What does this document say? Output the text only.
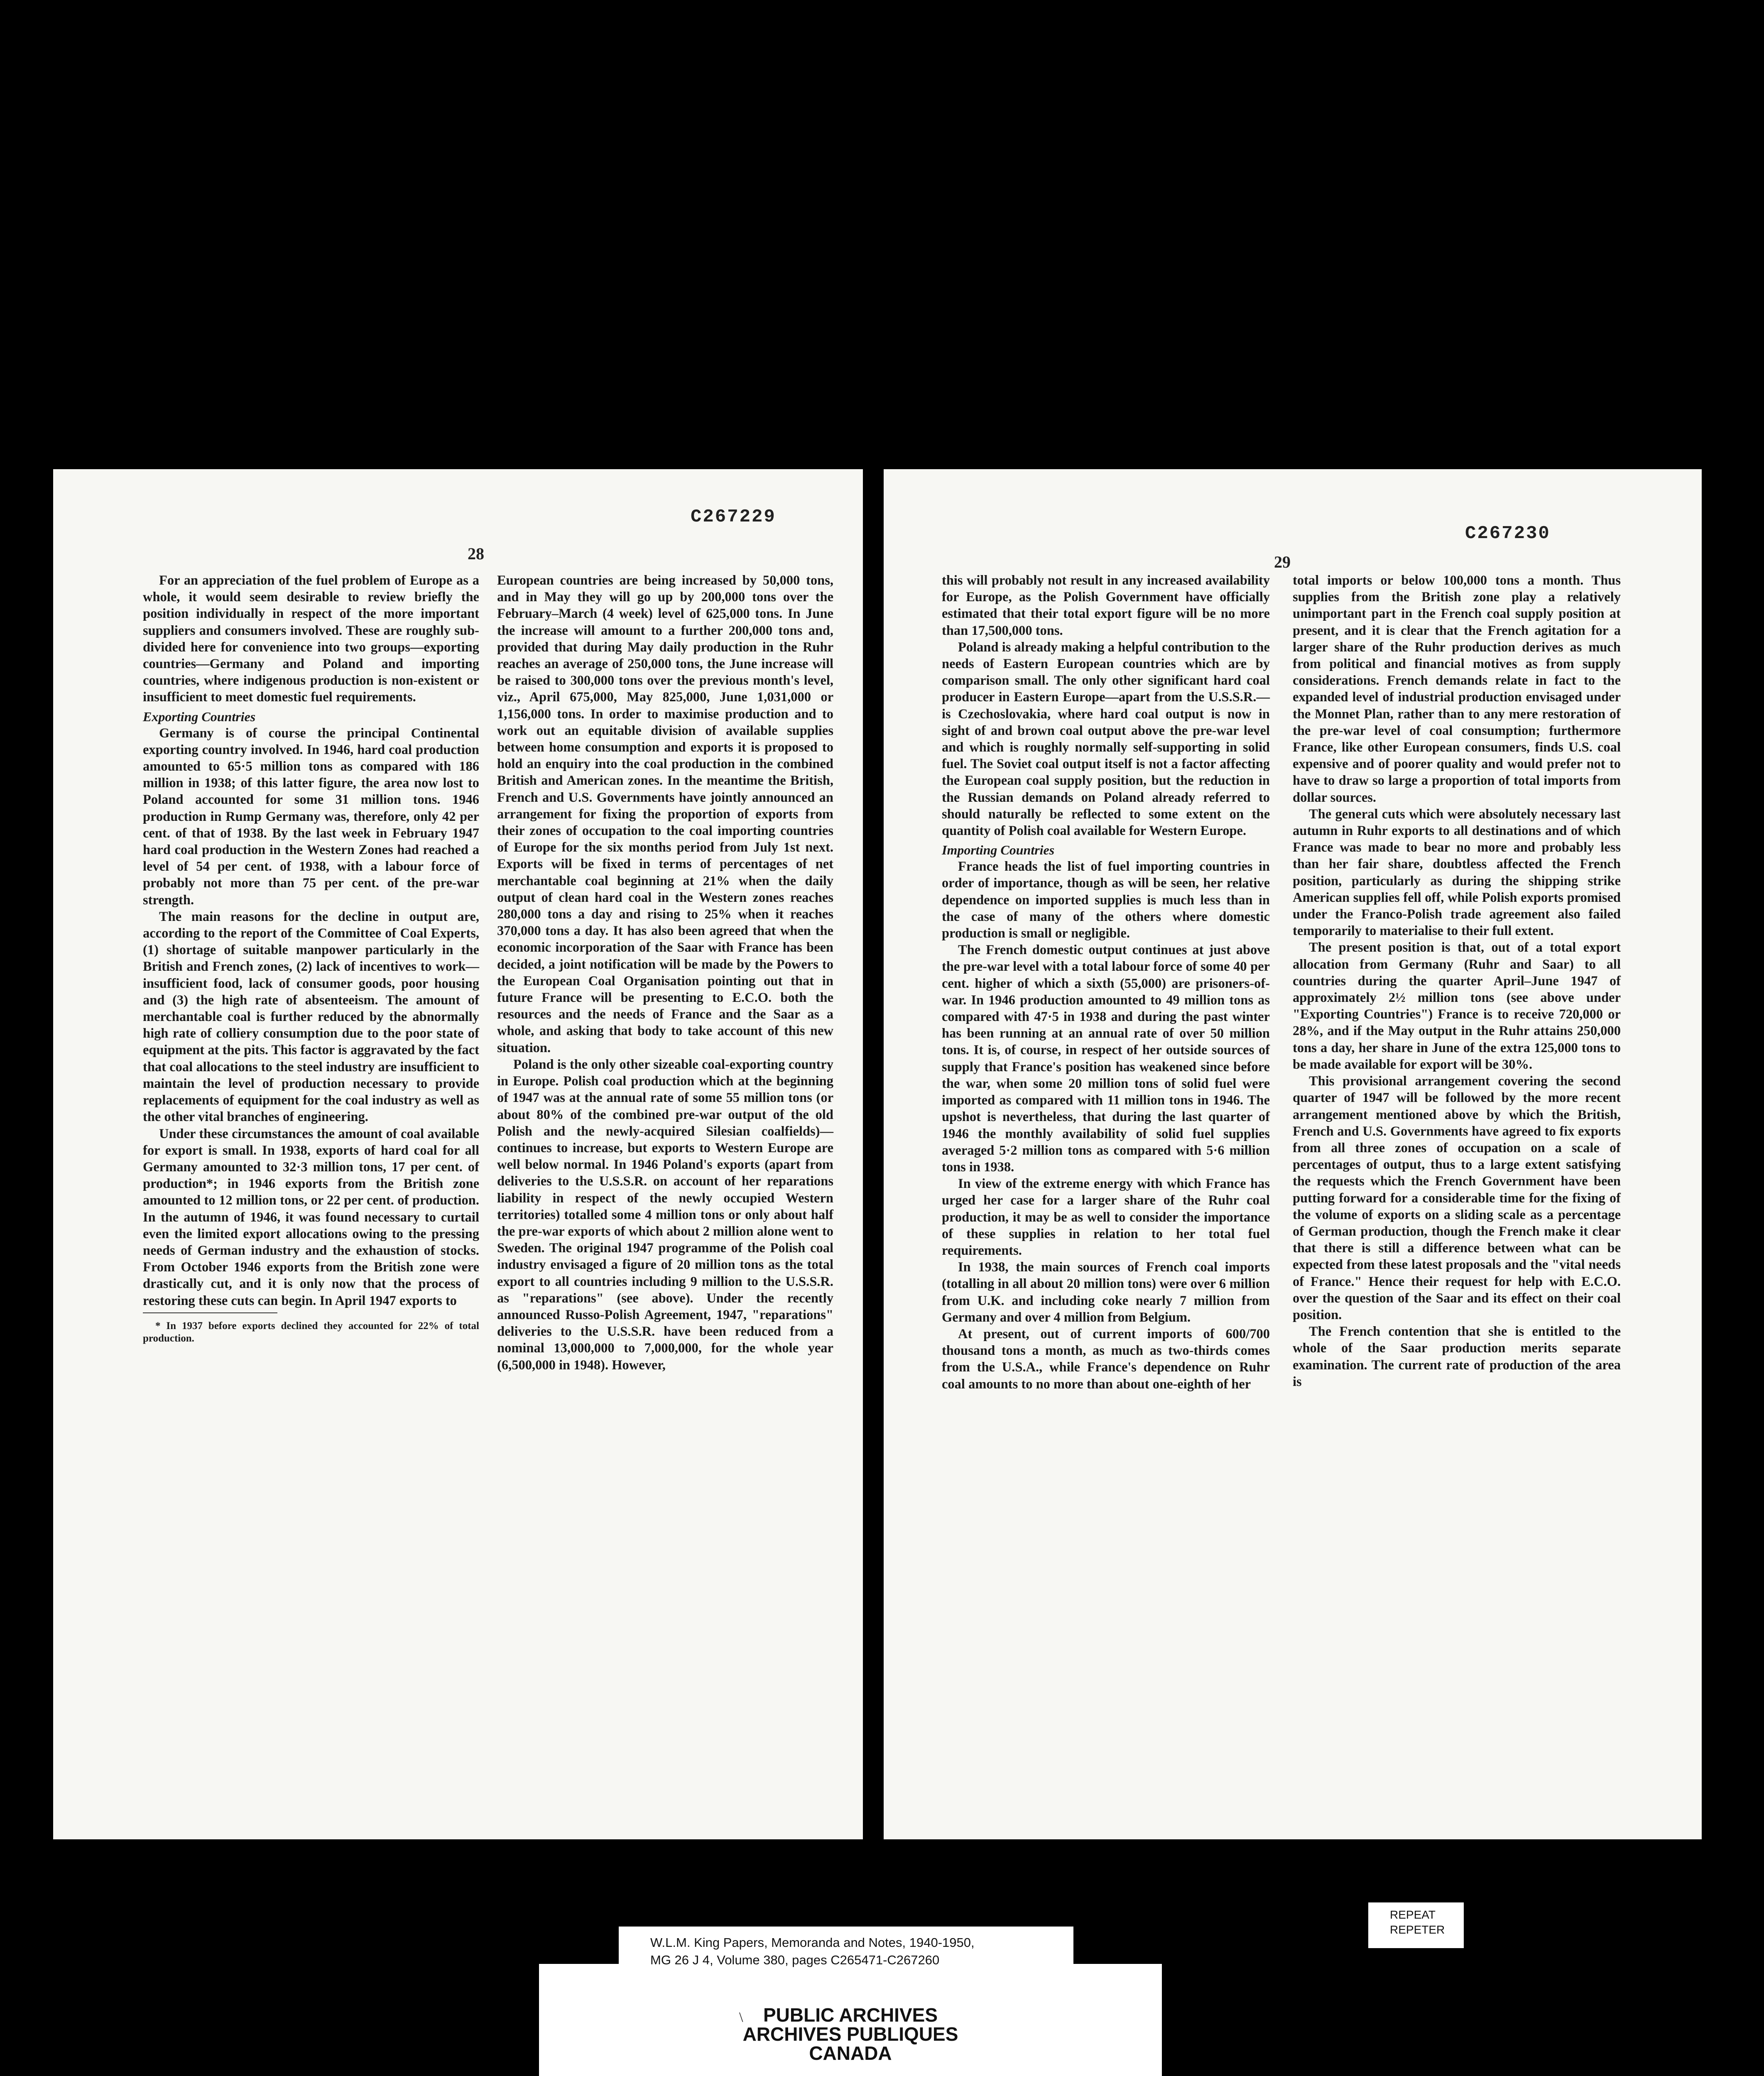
C267229
28

For an appreciation of the fuel problem of Europe as a whole, it would seem desirable to review briefly the position individually in respect of the more important suppliers and consumers involved. These are roughly sub-divided here for convenience into two groups—exporting countries—Germany and Poland and importing countries, where indigenous production is non-existent or insufficient to meet domestic fuel requirements.

Exporting Countries

Germany is of course the principal Continental exporting country involved. In 1946, hard coal production amounted to 65·5 million tons as compared with 186 million in 1938; of this latter figure, the area now lost to Poland accounted for some 31 million tons. 1946 production in Rump Germany was, therefore, only 42 per cent. of that of 1938. By the last week in February 1947 hard coal production in the Western Zones had reached a level of 54 per cent. of 1938, with a labour force of probably not more than 75 per cent. of the pre-war strength.

The main reasons for the decline in output are, according to the report of the Committee of Coal Experts, (1) shortage of suitable manpower particularly in the British and French zones, (2) lack of incentives to work—insufficient food, lack of consumer goods, poor housing and (3) the high rate of absenteeism. The amount of merchantable coal is further reduced by the abnormally high rate of colliery consumption due to the poor state of equipment at the pits. This factor is aggravated by the fact that coal allocations to the steel industry are insufficient to maintain the level of production necessary to provide replacements of equipment for the coal industry as well as the other vital branches of engineering.

Under these circumstances the amount of coal available for export is small. In 1938, exports of hard coal for all Germany amounted to 32·3 million tons, 17 per cent. of production*; in 1946 exports from the British zone amounted to 12 million tons, or 22 per cent. of production. In the autumn of 1946, it was found necessary to curtail even the limited export allocations owing to the pressing needs of German industry and the exhaustion of stocks. From October 1946 exports from the British zone were drastically cut, and it is only now that the process of restoring these cuts can begin. In April 1947 exports to

* In 1937 before exports declined they accounted for 22% of total production.

European countries are being increased by 50,000 tons, and in May they will go up by 200,000 tons over the February–March (4 week) level of 625,000 tons. In June the increase will amount to a further 200,000 tons and, provided that during May daily production in the Ruhr reaches an average of 250,000 tons, the June increase will be raised to 300,000 tons over the previous month's level, viz., April 675,000, May 825,000, June 1,031,000 or 1,156,000 tons. In order to maximise production and to work out an equitable division of available supplies between home consumption and exports it is proposed to hold an enquiry into the coal production in the combined British and American zones. In the meantime the British, French and U.S. Governments have jointly announced an arrangement for fixing the proportion of exports from their zones of occupation to the coal importing countries of Europe for the six months period from July 1st next. Exports will be fixed in terms of percentages of net merchantable coal beginning at 21% when the daily output of clean hard coal in the Western zones reaches 280,000 tons a day and rising to 25% when it reaches 370,000 tons a day. It has also been agreed that when the economic incorporation of the Saar with France has been decided, a joint notification will be made by the Powers to the European Coal Organisation pointing out that in future France will be presenting to E.C.O. both the resources and the needs of France and the Saar as a whole, and asking that body to take account of this new situation.

Poland is the only other sizeable coal-exporting country in Europe. Polish coal production which at the beginning of 1947 was at the annual rate of some 55 million tons (or about 80% of the combined pre-war output of the old Polish and the newly-acquired Silesian coalfields)—continues to increase, but exports to Western Europe are well below normal. In 1946 Poland's exports (apart from deliveries to the U.S.S.R. on account of her reparations liability in respect of the newly occupied Western territories) totalled some 4 million tons or only about half the pre-war exports of which about 2 million alone went to Sweden. The original 1947 programme of the Polish coal industry envisaged a figure of 20 million tons as the total export to all countries including 9 million to the U.S.S.R. as "reparations" (see above). Under the recently announced Russo-Polish Agreement, 1947, "reparations" deliveries to the U.S.S.R. have been reduced from a nominal 13,000,000 to 7,000,000, for the whole year (6,500,000 in 1948). However,

C267230
29

this will probably not result in any increased availability for Europe, as the Polish Government have officially estimated that their total export figure will be no more than 17,500,000 tons.

Poland is already making a helpful contribution to the needs of Eastern European countries which are by comparison small. The only other significant hard coal producer in Eastern Europe—apart from the U.S.S.R.—is Czechoslovakia, where hard coal output is now in sight of and brown coal output above the pre-war level and which is roughly normally self-supporting in solid fuel. The Soviet coal output itself is not a factor affecting the European coal supply position, but the reduction in the Russian demands on Poland already referred to should naturally be reflected to some extent on the quantity of Polish coal available for Western Europe.

Importing Countries

France heads the list of fuel importing countries in order of importance, though as will be seen, her relative dependence on imported supplies is much less than in the case of many of the others where domestic production is small or negligible.

The French domestic output continues at just above the pre-war level with a total labour force of some 40 per cent. higher of which a sixth (55,000) are prisoners-of-war. In 1946 production amounted to 49 million tons as compared with 47·5 in 1938 and during the past winter has been running at an annual rate of over 50 million tons. It is, of course, in respect of her outside sources of supply that France's position has weakened since before the war, when some 20 million tons of solid fuel were imported as compared with 11 million tons in 1946. The upshot is nevertheless, that during the last quarter of 1946 the monthly availability of solid fuel supplies averaged 5·2 million tons as compared with 5·6 million tons in 1938.

In view of the extreme energy with which France has urged her case for a larger share of the Ruhr coal production, it may be as well to consider the importance of these supplies in relation to her total fuel requirements.

In 1938, the main sources of French coal imports (totalling in all about 20 million tons) were over 6 million from U.K. and including coke nearly 7 million from Germany and over 4 million from Belgium.

At present, out of current imports of 600/700 thousand tons a month, as much as two-thirds comes from the U.S.A., while France's dependence on Ruhr coal amounts to no more than about one-eighth of her

total imports or below 100,000 tons a month. Thus supplies from the British zone play a relatively unimportant part in the French coal supply position at present, and it is clear that the French agitation for a larger share of the Ruhr production derives as much from political and financial motives as from supply considerations. French demands relate in fact to the expanded level of industrial production envisaged under the Monnet Plan, rather than to any mere restoration of the pre-war level of coal consumption; furthermore France, like other European consumers, finds U.S. coal expensive and of poorer quality and would prefer not to have to draw so large a proportion of total imports from dollar sources.

The general cuts which were absolutely necessary last autumn in Ruhr exports to all destinations and of which France was made to bear no more and probably less than her fair share, doubtless affected the French position, particularly as during the shipping strike American supplies fell off, while Polish exports promised under the Franco-Polish trade agreement also failed temporarily to materialise to their full extent.

The present position is that, out of a total export allocation from Germany (Ruhr and Saar) to all countries during the quarter April–June 1947 of approximately 2½ million tons (see above under "Exporting Countries") France is to receive 720,000 or 28%, and if the May output in the Ruhr attains 250,000 tons a day, her share in June of the extra 125,000 tons to be made available for export will be 30%.

This provisional arrangement covering the second quarter of 1947 will be followed by the more recent arrangement mentioned above by which the British, French and U.S. Governments have agreed to fix exports from all three zones of occupation on a scale of percentages of output, thus to a large extent satisfying the requests which the French Government have been putting forward for a considerable time for the fixing of the volume of exports on a sliding scale as a percentage of German production, though the French make it clear that there is still a difference between what can be expected from these latest proposals and the "vital needs of France." Hence their request for help with E.C.O. over the question of the Saar and its effect on their coal position.

The French contention that she is entitled to the whole of the Saar production merits separate examination. The current rate of production of the area is

PUBLIC ARCHIVES
ARCHIVES PUBLIQUES
CANADA
W.L.M. King Papers, Memoranda and Notes, 1940-1950,
MG 26 J 4, Volume 380, pages C265471-C267260
\
REPEAT
REPETER
